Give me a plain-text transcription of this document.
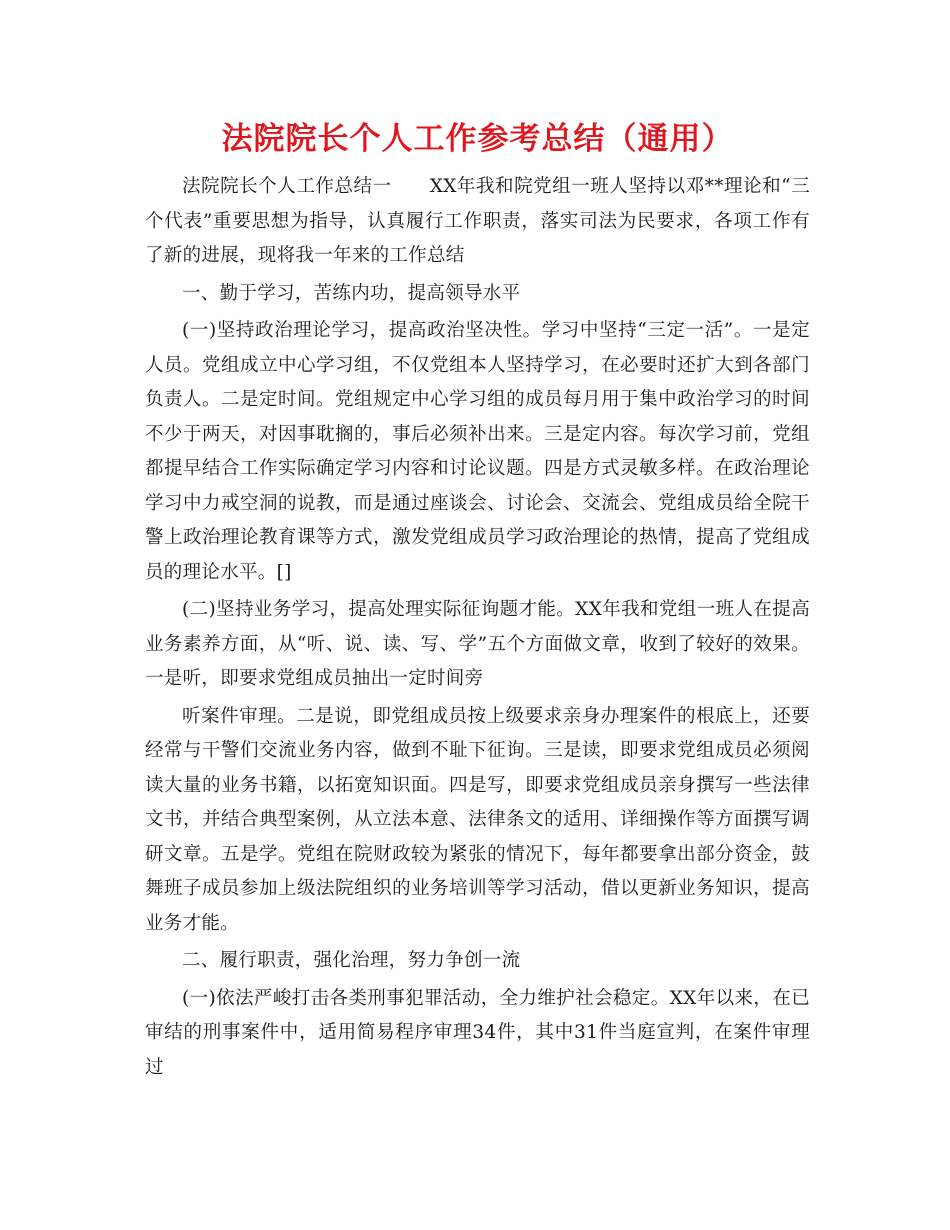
法院院长个人工作参考总结（通用）

法院院长个人工作总结一　　XX年我和院党组一班人坚持以邓**理论和“三个代表”重要思想为指导，认真履行工作职责，落实司法为民要求，各项工作有了新的进展，现将我一年来的工作总结

一、勤于学习，苦练内功，提高领导水平

(一)坚持政治理论学习，提高政治坚决性。学习中坚持“三定一活”。一是定人员。党组成立中心学习组，不仅党组本人坚持学习，在必要时还扩大到各部门负责人。二是定时间。党组规定中心学习组的成员每月用于集中政治学习的时间不少于两天，对因事耽搁的，事后必须补出来。三是定内容。每次学习前，党组都提早结合工作实际确定学习内容和讨论议题。四是方式灵敏多样。在政治理论学习中力戒空洞的说教，而是通过座谈会、讨论会、交流会、党组成员给全院干警上政治理论教育课等方式，激发党组成员学习政治理论的热情，提高了党组成员的理论水平。[]

(二)坚持业务学习，提高处理实际征询题才能。XX年我和党组一班人在提高业务素养方面，从“听、说、读、写、学”五个方面做文章，收到了较好的效果。一是听，即要求党组成员抽出一定时间旁

听案件审理。二是说，即党组成员按上级要求亲身办理案件的根底上，还要经常与干警们交流业务内容，做到不耻下征询。三是读，即要求党组成员必须阅读大量的业务书籍，以拓宽知识面。四是写，即要求党组成员亲身撰写一些法律文书，并结合典型案例，从立法本意、法律条文的适用、详细操作等方面撰写调研文章。五是学。党组在院财政较为紧张的情况下，每年都要拿出部分资金，鼓舞班子成员参加上级法院组织的业务培训等学习活动，借以更新业务知识，提高业务才能。

二、履行职责，强化治理，努力争创一流

(一)依法严峻打击各类刑事犯罪活动，全力维护社会稳定。XX年以来，在已审结的刑事案件中，适用简易程序审理34件，其中31件当庭宣判，在案件审理过
